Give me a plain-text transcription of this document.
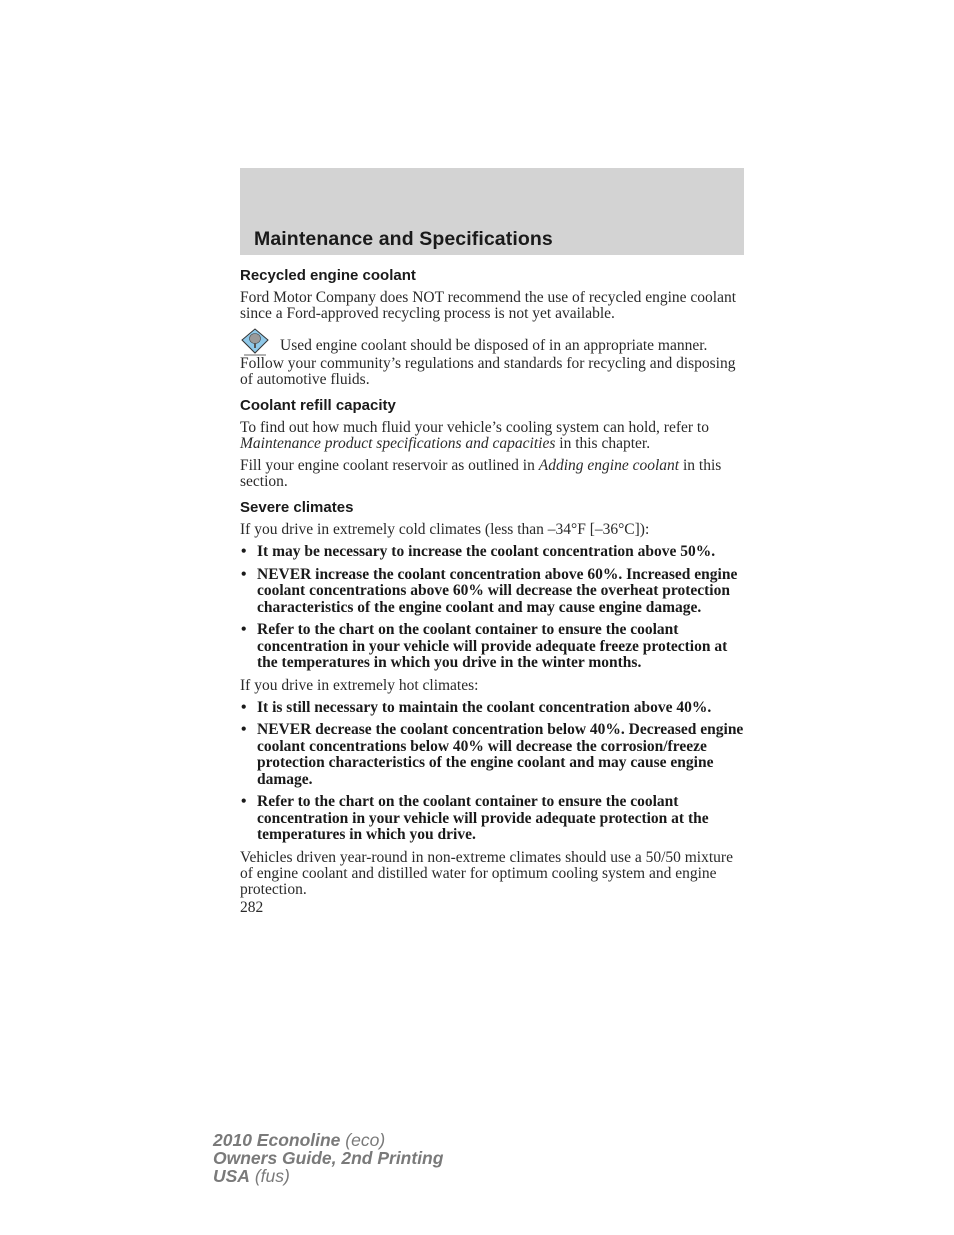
Maintenance and Specifications
Recycled engine coolant

Ford Motor Company does NOT recommend the use of recycled engine coolant since a Ford-approved recycling process is not yet available.

Used engine coolant should be disposed of in an appropriate manner. Follow your community’s regulations and standards for recycling and disposing of automotive fluids.

Coolant refill capacity

To find out how much fluid your vehicle’s cooling system can hold, refer to Maintenance product specifications and capacities in this chapter.

Fill your engine coolant reservoir as outlined in Adding engine coolant in this section.

Severe climates

If you drive in extremely cold climates (less than –34°F [–36°C]):

• It may be necessary to increase the coolant concentration above 50%.
• NEVER increase the coolant concentration above 60%. Increased engine coolant concentrations above 60% will decrease the overheat protection characteristics of the engine coolant and may cause engine damage.
• Refer to the chart on the coolant container to ensure the coolant concentration in your vehicle will provide adequate freeze protection at the temperatures in which you drive in the winter months.

If you drive in extremely hot climates:

• It is still necessary to maintain the coolant concentration above 40%.
• NEVER decrease the coolant concentration below 40%. Decreased engine coolant concentrations below 40% will decrease the corrosion/freeze protection characteristics of the engine coolant and may cause engine damage.
• Refer to the chart on the coolant container to ensure the coolant concentration in your vehicle will provide adequate protection at the temperatures in which you drive.

Vehicles driven year-round in non-extreme climates should use a 50/50 mixture of engine coolant and distilled water for optimum cooling system and engine protection.

282
2010 Econoline (eco)
Owners Guide, 2nd Printing
USA (fus)
